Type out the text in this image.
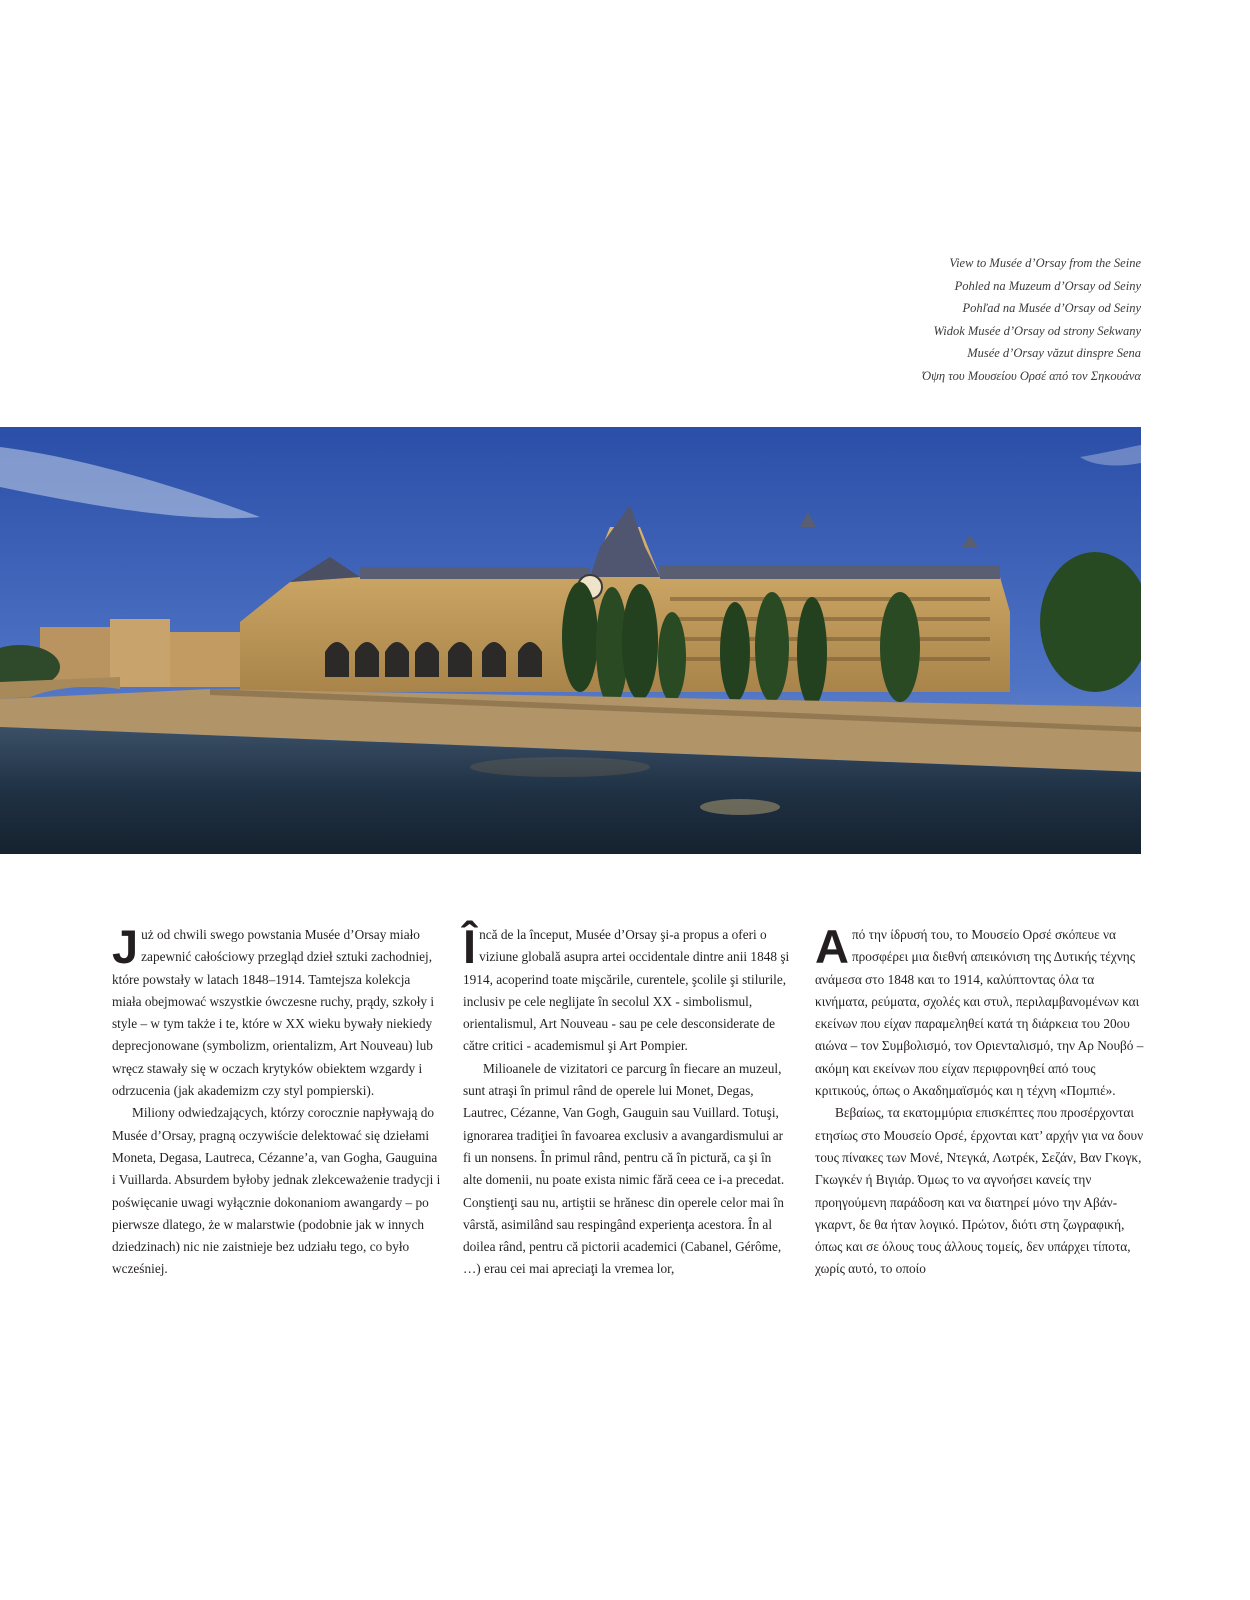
View to Musée d’Orsay from the Seine
Pohled na Muzeum d’Orsay od Seiny
Pohľad na Musée d’Orsay od Seiny
Widok Musée d’Orsay od strony Sekwany
Musée d’Orsay văzut dinspre Sena
Όψη του Μουσείου Ορσέ από τον Σηκουάνα

Już od chwili swego powstania Musée d’Orsay miało zapewnić całościowy przegląd dzieł sztuki zachodniej, które powstały w latach 1848–1914. Tamtejsza kolekcja miała obejmować wszystkie ówczesne ruchy, prądy, szkoły i style – w tym także i te, które w XX wieku bywały niekiedy deprecjonowane (symbolizm, orientalizm, Art Nouveau) lub wręcz stawały się w oczach krytyków obiektem wzgardy i odrzucenia (jak akademizm czy styl pompierski).

Miliony odwiedzających, którzy corocznie napływają do Musée d’Orsay, pragną oczywiście delektować się dziełami Moneta, Degasa, Lautreca, Cézanne’a, van Gogha, Gauguina i Vuillarda. Absurdem byłoby jednak zlekceważenie tradycji i poświęcanie uwagi wyłącznie dokonaniom awangardy – po pierwsze dlatego, że w malarstwie (podobnie jak w innych dziedzinach) nic nie zaistnieje bez udziału tego, co było wcześniej.

Încă de la început, Musée d’Orsay şi-a propus a oferi o viziune globală asupra artei occidentale dintre anii 1848 şi 1914, acoperind toate mişcările, curentele, şcolile şi stilurile, inclusiv pe cele neglijate în secolul XX - simbolismul, orientalismul, Art Nouveau - sau pe cele desconsiderate de către critici - academismul şi Art Pompier.

Milioanele de vizitatori ce parcurg în fiecare an muzeul, sunt atraşi în primul rând de operele lui Monet, Degas, Lautrec, Cézanne, Van Gogh, Gauguin sau Vuillard. Totuşi, ignorarea tradiţiei în favoarea exclusiv a avangardismului ar fi un nonsens. În primul rând, pentru că în pictură, ca şi în alte domenii, nu poate exista nimic fără ceea ce i-a precedat. Conştienţi sau nu, artiştii se hrănesc din operele celor mai în vârstă, asimilând sau respingând experienţa acestora. În al doilea rând, pentru că pictorii academici (Cabanel, Gérôme, …) erau cei mai apreciaţi la vremea lor,

Από την ίδρυσή του, το Μουσείο Ορσέ σκόπευε να προσφέρει μια διεθνή απεικόνιση της Δυτικής τέχνης ανάμεσα στο 1848 και το 1914, καλύπτοντας όλα τα κινήματα, ρεύματα, σχολές και στυλ, περιλαμβανομένων και εκείνων που είχαν παραμεληθεί κατά τη διάρκεια του 20ου αιώνα – τον Συμβολισμό, τον Οριενταλισμό, την Αρ Νουβό – ακόμη και εκείνων που είχαν περιφρονηθεί από τους κριτικούς, όπως ο Ακαδημαϊσμός και η τέχνη «Πομπιέ».

Βεβαίως, τα εκατομμύρια επισκέπτες που προσέρχονται ετησίως στο Μουσείο Ορσέ, έρχονται κατ’ αρχήν για να δουν τους πίνακες των Μονέ, Ντεγκά, Λωτρέκ, Σεζάν, Βαν Γκογκ, Γκωγκέν ή Βιγιάρ. Όμως το να αγνοήσει κανείς την προηγούμενη παράδοση και να διατηρεί μόνο την Αβάν-γκαρντ, δε θα ήταν λογικό. Πρώτον, διότι στη ζωγραφική, όπως και σε όλους τους άλλους τομείς, δεν υπάρχει τίποτα, χωρίς αυτό, το οποίο
